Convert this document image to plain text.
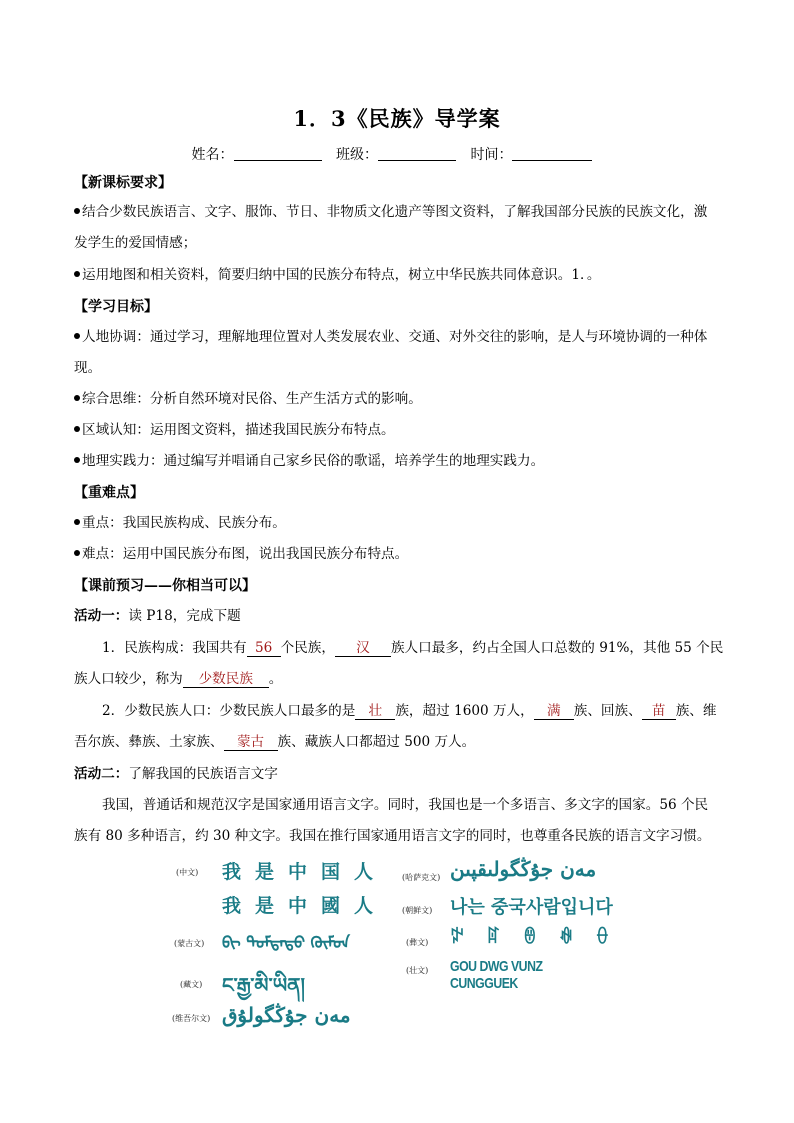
1．3《民族》导学案
姓名：	班级：	时间：
【新课标要求】
结合少数民族语言、文字、服饰、节日、非物质文化遗产等图文资料，了解我国部分民族的民族文化，激
发学生的爱国情感；
运用地图和相关资料，简要归纳中国的民族分布特点，树立中华民族共同体意识。1．。
【学习目标】
人地协调：通过学习，理解地理位置对人类发展农业、交通、对外交往的影响，是人与环境协调的一种体
现。
综合思维：分析自然环境对民俗、生产生活方式的影响。
区域认知：运用图文资料，描述我国民族分布特点。
地理实践力：通过编写并唱诵自己家乡民俗的歌谣，培养学生的地理实践力。
【重难点】
重点：我国民族构成、民族分布。
难点：运用中国民族分布图，说出我国民族分布特点。
【课前预习——你相当可以】
活动一：读 P18，完成下题
1．民族构成：我国共有 56 个民族， 汉 族人口最多，约占全国人口总数的 91%，其他 55 个民
族人口较少，称为 少数民族 。
2．少数民族人口：少数民族人口最多的是 壮 族，超过 1600 万人， 满 族、回族、 苗 族、维
吾尔族、彝族、土家族、 蒙古 族、藏族人口都超过 500 万人。
活动二：了解我国的民族语言文字
我国，普通话和规范汉字是国家通用语言文字。同时，我国也是一个多语言、多文字的国家。56 个民
族有 80 多种语言，约 30 种文字。我国在推行国家通用语言文字的同时，也尊重各民族的语言文字习惯。
(中文) 我是中国人
我是中國人
(蒙古文) ᠪᠢ ᠳᠤᠮᠳᠠᠳᠤ ᠬᠦᠮᠦᠨ
(藏文) ང་རྒྱ་མི་ཡིན།
(维吾尔文) مەن جۇڭگولۇق
(哈萨克文) مەن جۇڭگولىقپىن
(朝鲜文) 나는 중국사람입니다
(彝文) ꉢ ꍏ ꇩ ꊿ ꂷ
(壮文) GOU DWG VUNZ CUNGGUEK
